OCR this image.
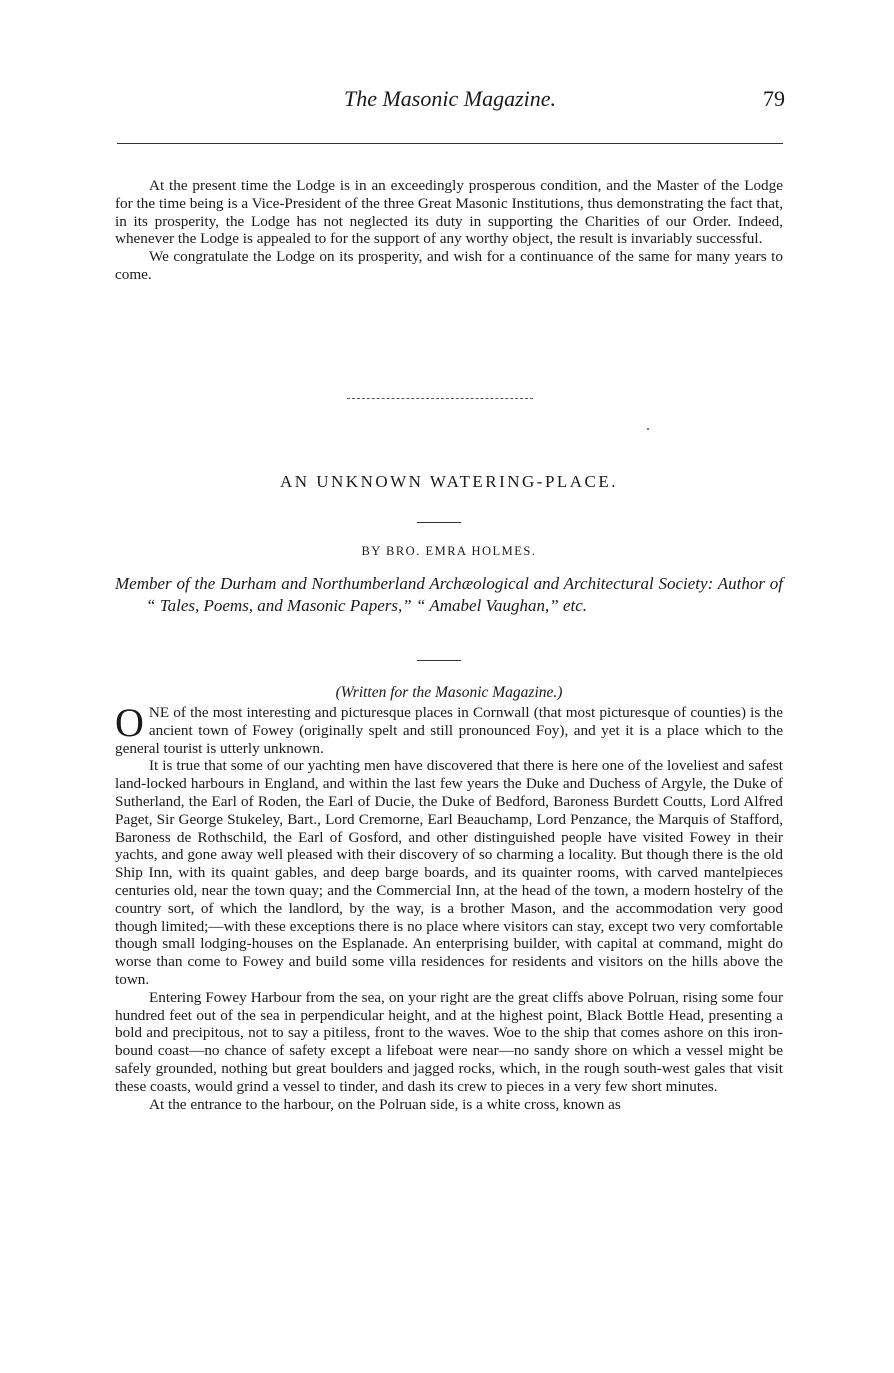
The Masonic Magazine.	79

At the present time the Lodge is in an exceedingly prosperous condition, and the Master of the Lodge for the time being is a Vice-President of the three Great Masonic Institutions, thus demonstrating the fact that, in its prosperity, the Lodge has not neglected its duty in supporting the Charities of our Order. Indeed, whenever the Lodge is appealed to for the support of any worthy object, the result is invariably successful.

We congratulate the Lodge on its prosperity, and wish for a continuance of the same for many years to come.

AN UNKNOWN WATERING-PLACE.
BY BRO. EMRA HOLMES.
Member of the Durham and Northumberland Archæological and Architectural Society: Author of “ Tales, Poems, and Masonic Papers,” “ Amabel Vaughan,” etc.
(Written for the Masonic Magazine.)

ONE of the most interesting and picturesque places in Cornwall (that most picturesque of counties) is the ancient town of Fowey (originally spelt and still pronounced Foy), and yet it is a place which to the general tourist is utterly unknown.

It is true that some of our yachting men have discovered that there is here one of the loveliest and safest land-locked harbours in England, and within the last few years the Duke and Duchess of Argyle, the Duke of Sutherland, the Earl of Roden, the Earl of Ducie, the Duke of Bedford, Baroness Burdett Coutts, Lord Alfred Paget, Sir George Stukeley, Bart., Lord Cremorne, Earl Beauchamp, Lord Penzance, the Marquis of Stafford, Baroness de Rothschild, the Earl of Gosford, and other distinguished people have visited Fowey in their yachts, and gone away well pleased with their discovery of so charming a locality. But though there is the old Ship Inn, with its quaint gables, and deep barge boards, and its quainter rooms, with carved mantelpieces centuries old, near the town quay; and the Commercial Inn, at the head of the town, a modern hostelry of the country sort, of which the landlord, by the way, is a brother Mason, and the accommodation very good though limited;—with these exceptions there is no place where visitors can stay, except two very comfortable though small lodging-houses on the Esplanade. An enterprising builder, with capital at command, might do worse than come to Fowey and build some villa residences for residents and visitors on the hills above the town.

Entering Fowey Harbour from the sea, on your right are the great cliffs above Polruan, rising some four hundred feet out of the sea in perpendicular height, and at the highest point, Black Bottle Head, presenting a bold and precipitous, not to say a pitiless, front to the waves. Woe to the ship that comes ashore on this iron-bound coast—no chance of safety except a lifeboat were near—no sandy shore on which a vessel might be safely grounded, nothing but great boulders and jagged rocks, which, in the rough south-west gales that visit these coasts, would grind a vessel to tinder, and dash its crew to pieces in a very few short minutes.

At the entrance to the harbour, on the Polruan side, is a white cross, known as
